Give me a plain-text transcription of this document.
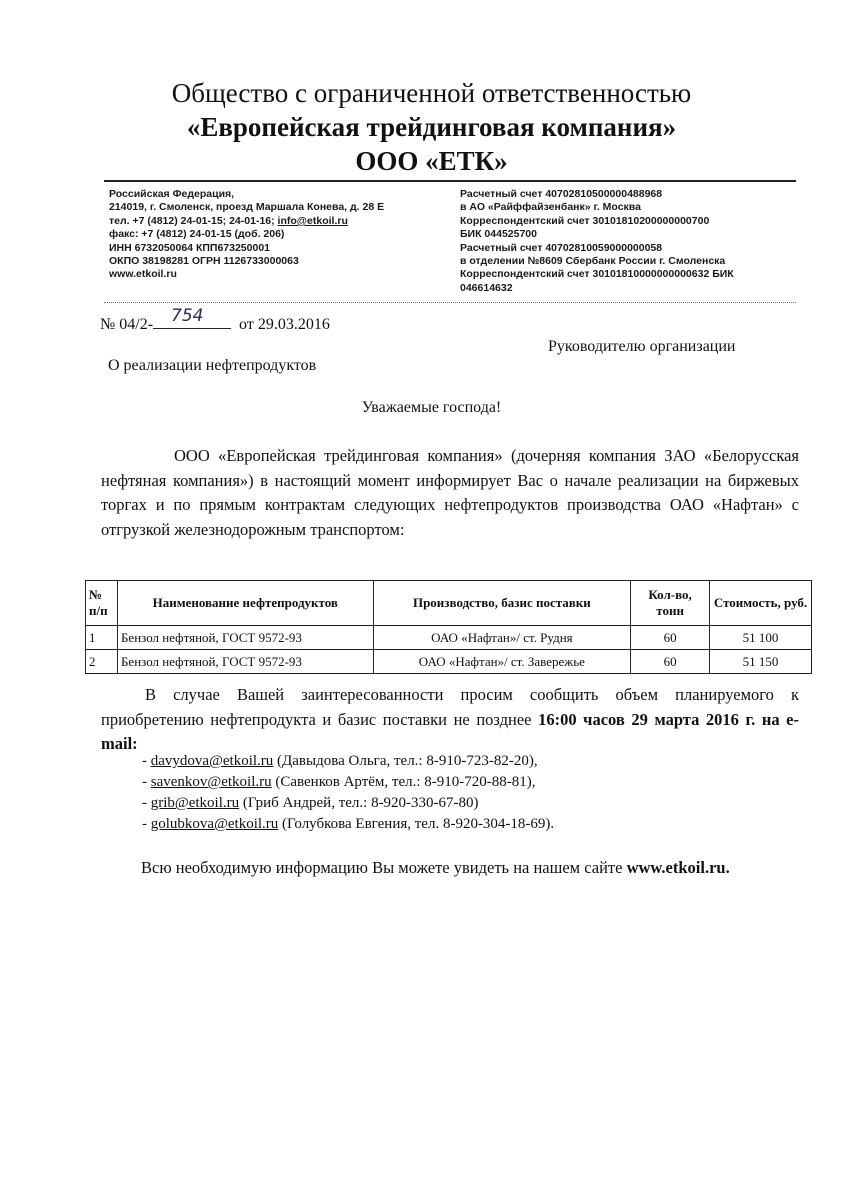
Общество с ограниченной ответственностью
«Европейская трейдинговая компания»
ООО «ЕТК»
Российская Федерация,
214019, г. Смоленск, проезд Маршала Конева, д. 28 Е
тел. +7 (4812) 24-01-15; 24-01-16; info@etkoil.ru
факс: +7 (4812) 24-01-15 (доб. 206)
ИНН 6732050064 КПП673250001
ОКПО 38198281 ОГРН 1126733000063
www.etkoil.ru
Расчетный счет 40702810500000488968
в АО «Райффайзенбанк» г. Москва
Корреспондентский счет 30101810200000000700
БИК 044525700
Расчетный счет 40702810059000000058
в отделении №8609 Сбербанк России г. Смоленска
Корреспондентский счет 30101810000000000632 БИК
046614632
№ 04/2- 754 от 29.03.2016
Руководителю организации
О реализации нефтепродуктов
Уважаемые господа!
ООО «Европейская трейдинговая компания» (дочерняя компания ЗАО «Белорусская нефтяная компания») в настоящий момент информирует Вас о начале реализации на биржевых торгах и по прямым контрактам следующих нефтепродуктов производства ОАО «Нафтан» с отгрузкой железнодорожным транспортом:
№ п/п	Наименование нефтепродуктов	Производство, базис поставки	Кол-во, тонн	Стоимость, руб.
1	Бензол нефтяной, ГОСТ 9572-93	ОАО «Нафтан»/ ст. Рудня	60	51 100
2	Бензол нефтяной, ГОСТ 9572-93	ОАО «Нафтан»/ ст. Завережье	60	51 150
В случае Вашей заинтересованности просим сообщить объем планируемого к приобретению нефтепродукта и базис поставки не позднее 16:00 часов 29 марта 2016 г. на e-mail:
- davydova@etkoil.ru (Давыдова Ольга, тел.: 8-910-723-82-20),
- savenkov@etkoil.ru (Савенков Артём, тел.: 8-910-720-88-81),
- grib@etkoil.ru (Гриб Андрей, тел.: 8-920-330-67-80)
- golubkova@etkoil.ru (Голубкова Евгения, тел. 8-920-304-18-69).
Всю необходимую информацию Вы можете увидеть на нашем сайте www.etkoil.ru.
